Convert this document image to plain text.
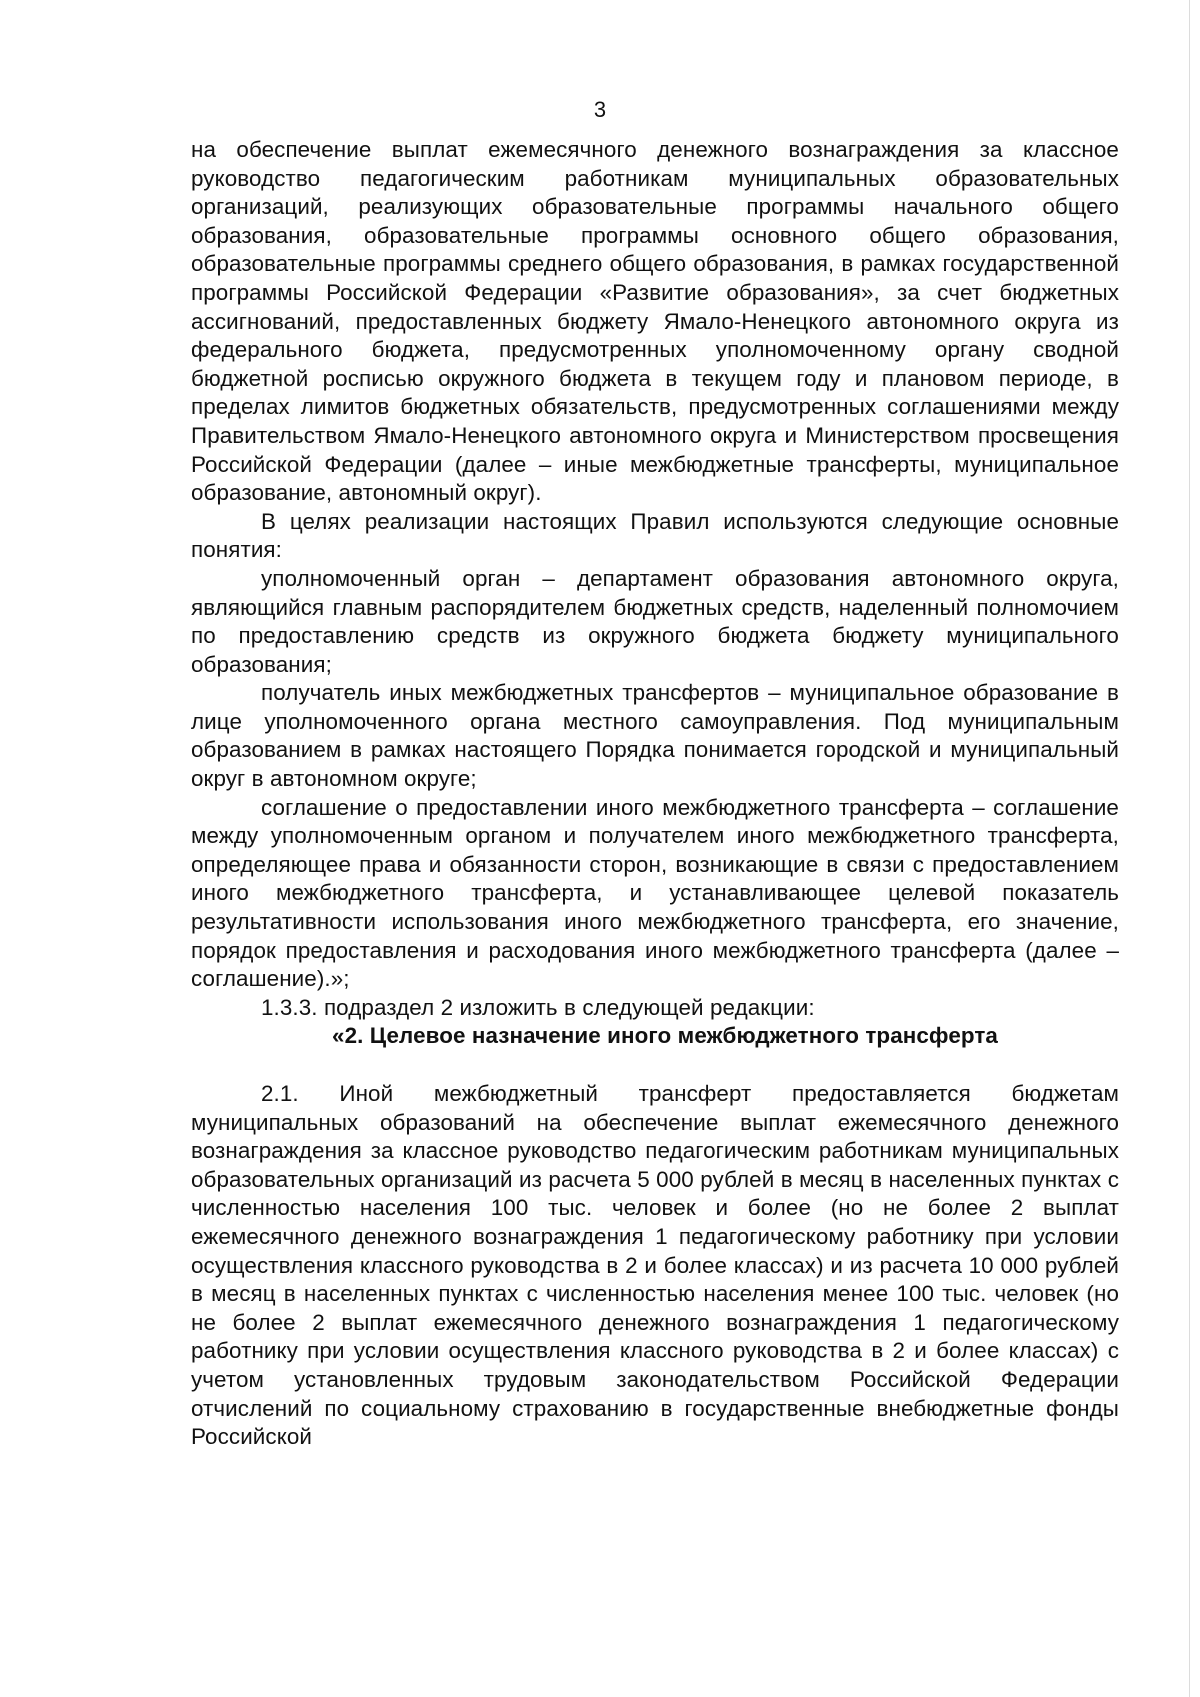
3

на обеспечение выплат ежемесячного денежного вознаграждения за классное руководство педагогическим работникам муниципальных образовательных организаций, реализующих образовательные программы начального общего образования, образовательные программы основного общего образования, образовательные программы среднего общего образования, в рамках государственной программы Российской Федерации «Развитие образования», за счет бюджетных ассигнований, предоставленных бюджету Ямало-Ненецкого автономного округа из федерального бюджета, предусмотренных уполномоченному органу сводной бюджетной росписью окружного бюджета в текущем году и плановом периоде, в пределах лимитов бюджетных обязательств, предусмотренных соглашениями между Правительством Ямало-Ненецкого автономного округа и Министерством просвещения Российской Федерации (далее – иные межбюджетные трансферты, муниципальное образование, автономный округ).

В целях реализации настоящих Правил используются следующие основные понятия:

уполномоченный орган – департамент образования автономного округа, являющийся главным распорядителем бюджетных средств, наделенный полномочием по предоставлению средств из окружного бюджета бюджету муниципального образования;

получатель иных межбюджетных трансфертов – муниципальное образование в лице уполномоченного органа местного самоуправления. Под муниципальным образованием в рамках настоящего Порядка понимается городской и муниципальный округ в автономном округе;

соглашение о предоставлении иного межбюджетного трансферта – соглашение между уполномоченным органом и получателем иного межбюджетного трансферта, определяющее права и обязанности сторон, возникающие в связи с предоставлением иного межбюджетного трансферта, и устанавливающее целевой показатель результативности использования иного межбюджетного трансферта, его значение, порядок предоставления и расходования иного межбюджетного трансферта (далее – соглашение).»;

1.3.3. подраздел 2 изложить в следующей редакции:

«2. Целевое назначение иного межбюджетного трансферта

2.1. Иной межбюджетный трансферт предоставляется бюджетам муниципальных образований на обеспечение выплат ежемесячного денежного вознаграждения за классное руководство педагогическим работникам муниципальных образовательных организаций из расчета 5 000 рублей в месяц в населенных пунктах с численностью населения 100 тыс. человек и более (но не более 2 выплат ежемесячного денежного вознаграждения 1 педагогическому работнику при условии осуществления классного руководства в 2 и более классах) и из расчета 10 000 рублей в месяц в населенных пунктах с численностью населения менее 100 тыс. человек (но не более 2 выплат ежемесячного денежного вознаграждения 1 педагогическому работнику при условии осуществления классного руководства в 2 и более классах) с учетом установленных трудовым законодательством Российской Федерации отчислений по социальному страхованию в государственные внебюджетные фонды Российской
